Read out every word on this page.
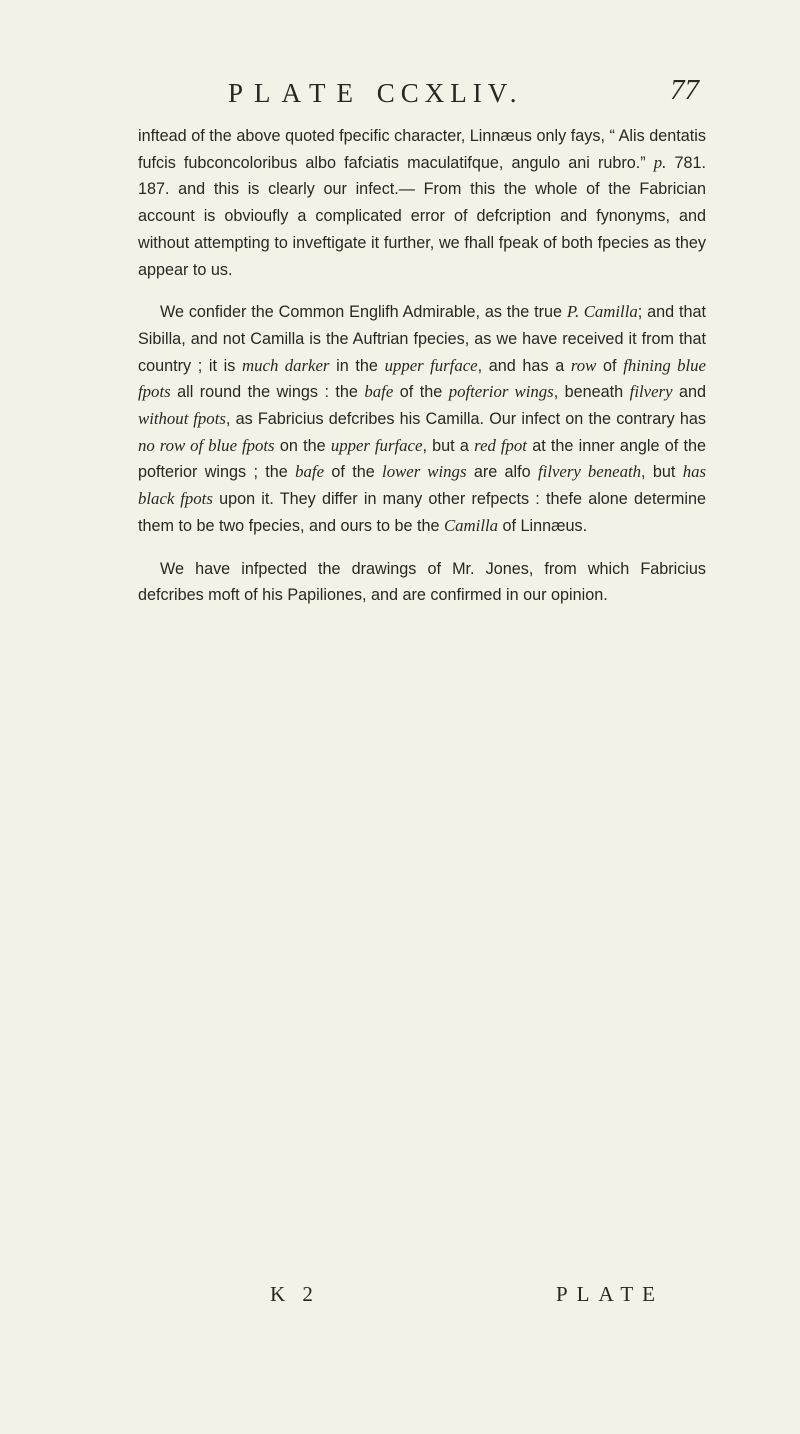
PLATE CCXLIV.	77

inftead of the above quoted fpecific character, Linnæus only fays, “ Alis dentatis fufcis fubconcoloribus albo fafciatis maculatifque, angulo ani rubro.” p. 781. 187. and this is clearly our infect.— From this the whole of the Fabrician account is obvioufly a complicated error of defcription and fynonyms, and without attempting to inveftigate it further, we fhall fpeak of both fpecies as they appear to us.

We confider the Common Englifh Admirable, as the true P. Camilla; and that Sibilla, and not Camilla is the Auftrian fpecies, as we have received it from that country ; it is much darker in the upper furface, and has a row of fhining blue fpots all round the wings : the bafe of the pofterior wings, beneath filvery and without fpots, as Fabricius defcribes his Camilla. Our infect on the contrary has no row of blue fpots on the upper furface, but a red fpot at the inner angle of the pofterior wings ; the bafe of the lower wings are alfo filvery beneath, but has black fpots upon it. They differ in many other refpects : thefe alone determine them to be two fpecies, and ours to be the Camilla of Linnæus.

We have infpected the drawings of Mr. Jones, from which Fabricius defcribes moft of his Papiliones, and are confirmed in our opinion.

K 2	PLATE
